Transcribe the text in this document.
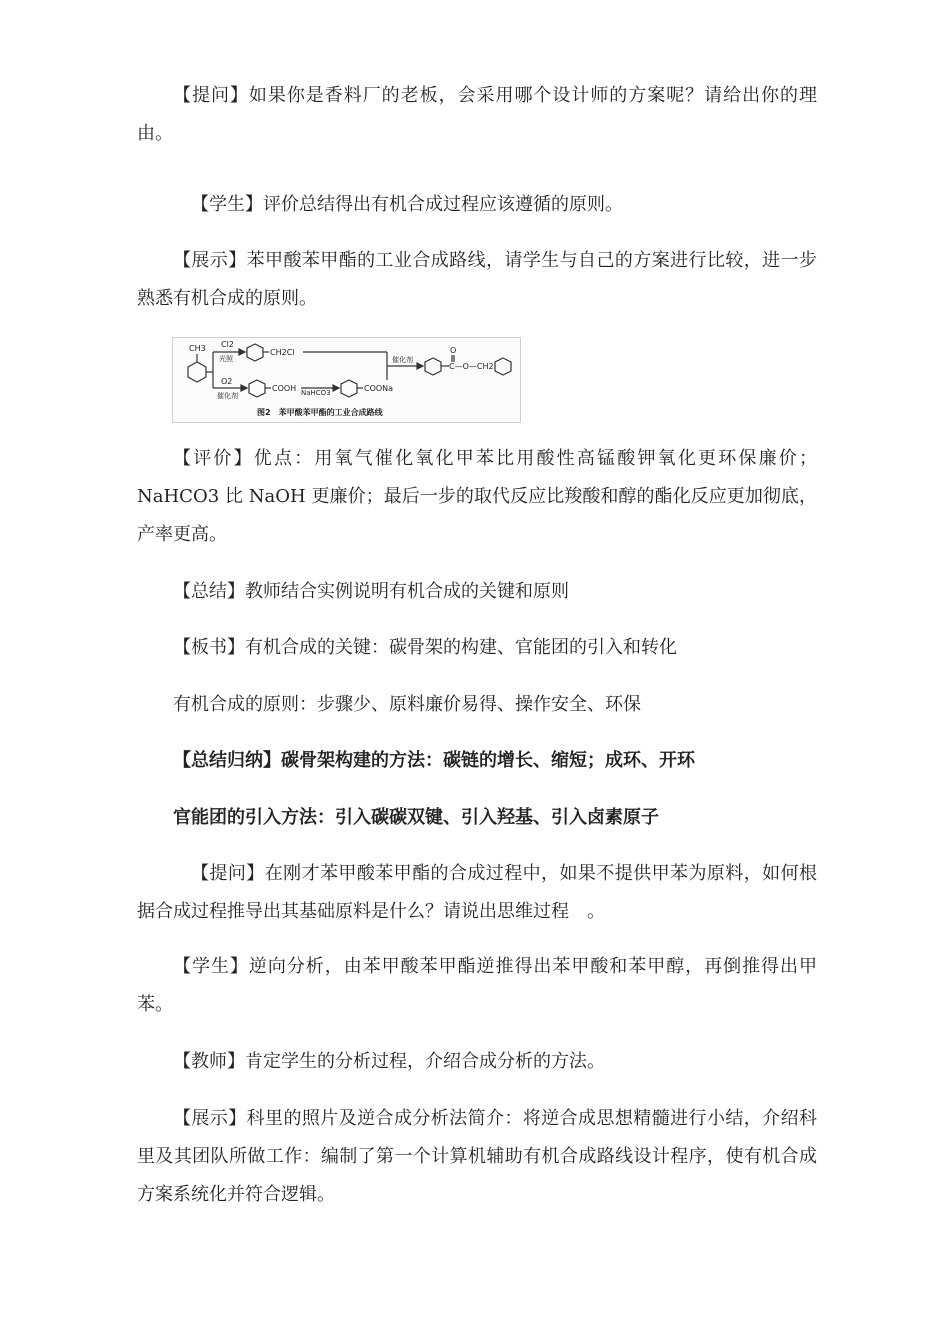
【提问】如果你是香料厂的老板，会采用哪个设计师的方案呢？请给出你的理由。

【学生】评价总结得出有机合成过程应该遵循的原则。

【展示】苯甲酸苯甲酯的工业合成路线，请学生与自己的方案进行比较，进一步熟悉有机合成的原则。

CH3 Cl2
光照
CH2Cl
O2
催化剂
COOH NaHCO3	COONa
催化剂
O
C—O—CH2
图2　苯甲酸苯甲酯的工业合成路线

【评价】优点：用氧气催化氧化甲苯比用酸性高锰酸钾氧化更环保廉价；NaHCO3 比 NaOH 更廉价；最后一步的取代反应比羧酸和醇的酯化反应更加彻底，产率更高。

【总结】教师结合实例说明有机合成的关键和原则

【板书】有机合成的关键：碳骨架的构建、官能团的引入和转化

有机合成的原则：步骤少、原料廉价易得、操作安全、环保

【总结归纳】碳骨架构建的方法：碳链的增长、缩短；成环、开环

官能团的引入方法：引入碳碳双键、引入羟基、引入卤素原子

【提问】在刚才苯甲酸苯甲酯的合成过程中，如果不提供甲苯为原料，如何根据合成过程推导出其基础原料是什么？请说出思维过程　。

【学生】逆向分析，由苯甲酸苯甲酯逆推得出苯甲酸和苯甲醇，再倒推得出甲苯。

【教师】肯定学生的分析过程，介绍合成分析的方法。

【展示】科里的照片及逆合成分析法简介：将逆合成思想精髓进行小结，介绍科里及其团队所做工作：编制了第一个计算机辅助有机合成路线设计程序，使有机合成方案系统化并符合逻辑。
